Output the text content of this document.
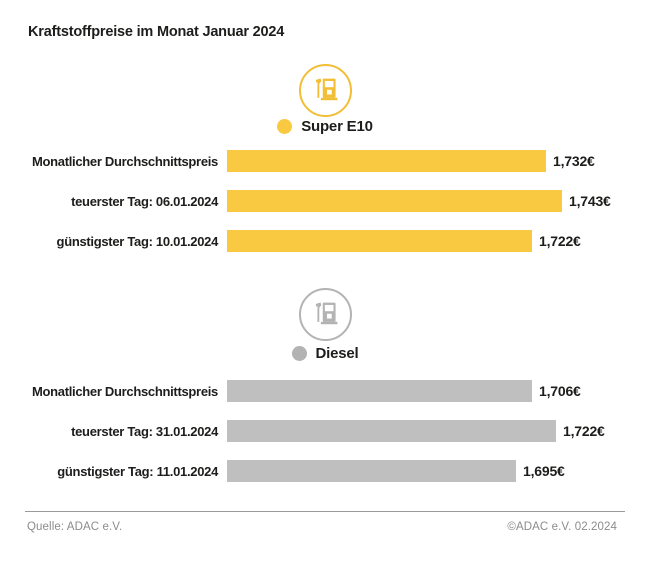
Kraftstoffpreise im Monat Januar 2024
Super E10
Monatlicher Durchschnittspreis	1,732€
teuerster Tag: 06.01.2024	1,743€
günstigster Tag: 10.01.2024	1,722€
Diesel
Monatlicher Durchschnittspreis	1,706€
teuerster Tag: 31.01.2024	1,722€
günstigster Tag: 11.01.2024	1,695€
Quelle: ADAC e.V.	©ADAC e.V. 02.2024
